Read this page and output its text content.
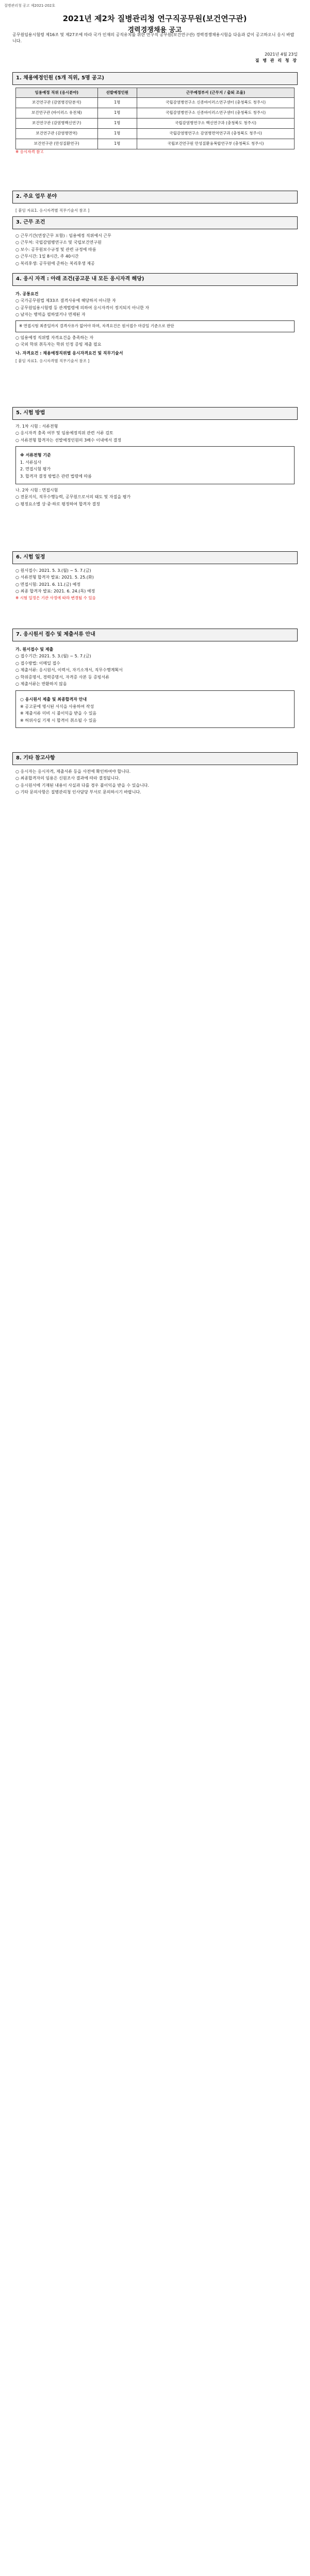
질병관리청 공고 제2021-202호
2021년 제2차 질병관리청 연구직공무원(보건연구관)
경력경쟁채용 공고
공무원임용시험령 제16조 및 제27조에 따라 국가 인재의 공직유치를 위한 연구직 공무원(보건연구관) 경력경쟁채용시험을 다음과 같이 공고하오니 응시 바랍니다.
2021년 4월 23일
질 병 관 리 청 장
1. 채용예정인원 (5개 직위, 5명 공고)
임용예정 직위 (응시분야)	선발예정인원	근무예정부서 (근무지 / 출퇴 조율)
보건연구관 (감염병진단분석)	1명	국립감염병연구소 신종바이러스연구센터 (충청북도 청주시)
보건연구관 (바이러스 유전체)	1명	국립감염병연구소 신종바이러스연구센터 (충청북도 청주시)
보건연구관 (감염병백신연구)	1명	국립감염병연구소 백신연구과 (충청북도 청주시)
보건연구관 (감염병면역)	1명	국립감염병연구소 감염병면역연구과 (충청북도 청주시)
보건연구관 (만성질환연구)	1명	국립보건연구원 만성질환융복합연구부 (충청북도 청주시)
※ 응시자격 참고
2. 주요 업무 분야
[ 붙임 자료1. 응시자격별 직무기술서 참조 ]
3. 근무 조건
○ 근무기간(연장근무 포함) : 임용예정 직위에서 근무
○ 근무처: 국립감염병연구소 및 국립보건연구원
○ 보수: 공무원보수규정 및 관련 규정에 따름
○ 근무시간: 1일 8시간, 주 40시간
○ 복리후생: 공무원에 준하는 복리후생 제공
4. 응시 자격 : 아래 조건(공고문 내 모든 응시자격 해당)
가. 공통요건
○ 국가공무원법 제33조 결격사유에 해당하지 아니한 자
○ 공무원임용시험령 등 관계법령에 의하여 응시자격이 정지되지 아니한 자
○ 남자는 병역을 필하였거나 면제된 자
※ 면접시험 최종일까지 결격사유가 없어야 하며, 자격요건은 원서접수 마감일 기준으로 판단
○ 임용예정 직위별 자격요건을 충족하는 자
○ 국외 학위 취득자는 학위 인정 증빙 제출 필요
나. 자격요건 : 채용예정직위별 응시자격요건 및 직무기술서
[ 붙임 자료1. 응시자격별 직무기술서 참조 ]
5. 시험 방법
가. 1차 시험 : 서류전형
○ 응시자격 충족 여부 및 임용예정직위 관련 서류 검토
○ 서류전형 합격자는 선발예정인원의 3배수 이내에서 결정
※ 서류전형 기준
1. 서류심사
2. 면접시험 평가
3. 합격자 결정 방법은 관련 법령에 따름
나. 2차 시험 : 면접시험
○ 전문지식, 직무수행능력, 공무원으로서의 태도 및 자질을 평가
○ 평정요소별 상·중·하로 평정하여 합격자 결정
6. 시험 일정
○ 원서접수: 2021. 5. 3.(월) ~ 5. 7.(금)
○ 서류전형 합격자 발표: 2021. 5. 25.(화)
○ 면접시험: 2021. 6. 11.(금) 예정
○ 최종 합격자 발표: 2021. 6. 24.(목) 예정
※ 시험 일정은 기관 사정에 따라 변경될 수 있음
7. 응시원서 접수 및 제출서류 안내
가. 원서접수 및 제출
○ 접수기간: 2021. 5. 3.(월) ~ 5. 7.(금)
○ 접수방법: 이메일 접수
○ 제출서류: 응시원서, 이력서, 자기소개서, 직무수행계획서
○ 학위증명서, 경력증명서, 자격증 사본 등 증빙서류
○ 제출서류는 반환하지 않음
○ 응시원서 제출 및 최종합격자 안내
※ 공고문에 명시된 서식을 사용하여 작성
※ 제출서류 미비 시 불이익을 받을 수 있음
※ 허위사실 기재 시 합격이 취소될 수 있음
8. 기타 참고사항
○ 응시자는 응시자격, 제출서류 등을 사전에 확인하여야 합니다.
○ 최종합격자의 임용은 신원조사 결과에 따라 결정됩니다.
○ 응시원서에 기재된 내용이 사실과 다를 경우 불이익을 받을 수 있습니다.
○ 기타 문의사항은 질병관리청 인사담당 부서로 문의하시기 바랍니다.
